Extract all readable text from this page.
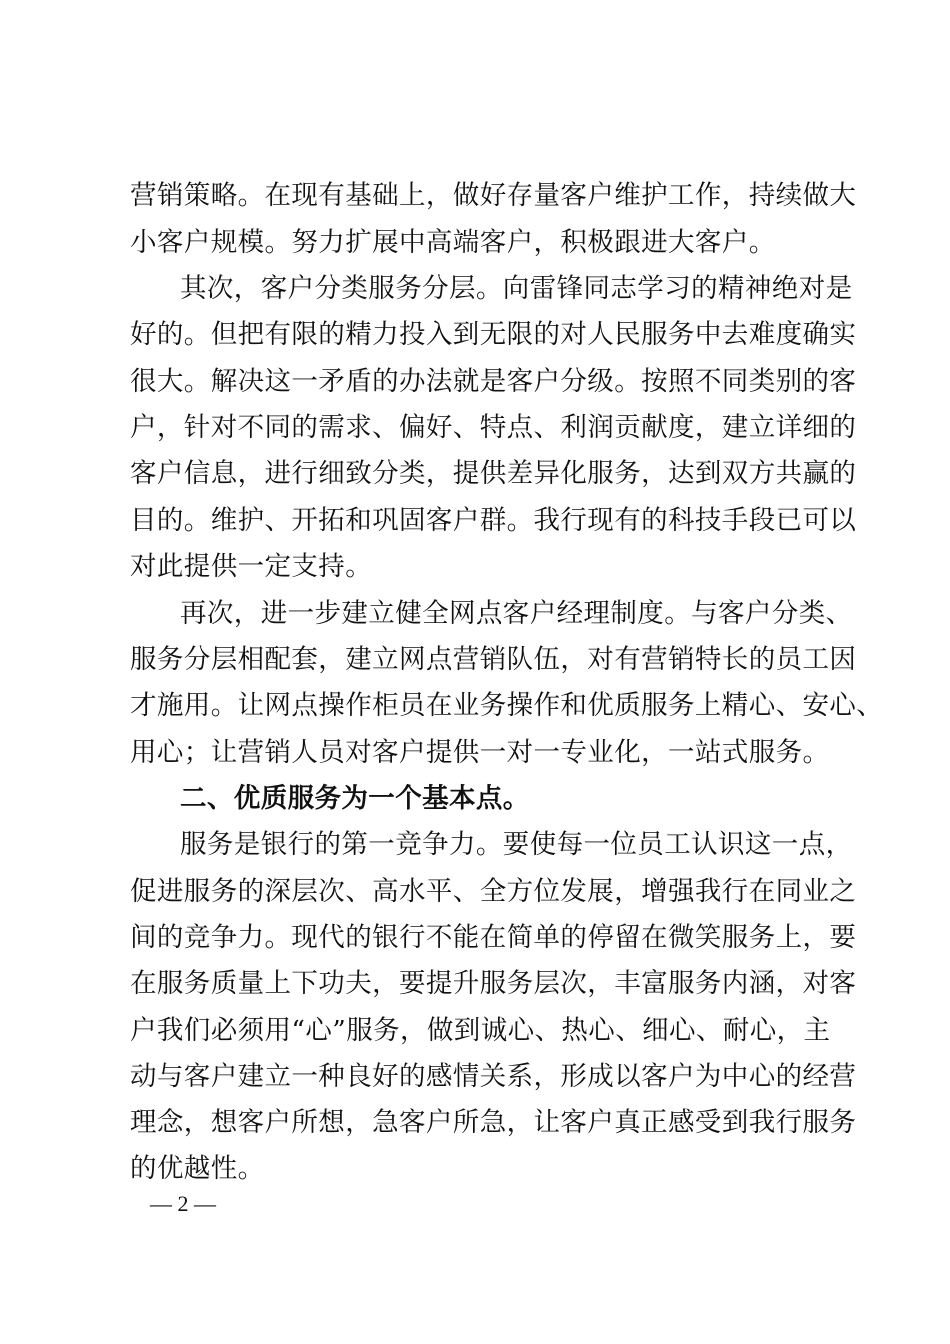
营销策略。在现有基础上，做好存量客户维护工作，持续做大
小客户规模。努力扩展中高端客户，积极跟进大客户。
其次，客户分类服务分层。向雷锋同志学习的精神绝对是
好的。但把有限的精力投入到无限的对人民服务中去难度确实
很大。解决这一矛盾的办法就是客户分级。按照不同类别的客
户，针对不同的需求、偏好、特点、利润贡献度，建立详细的
客户信息，进行细致分类，提供差异化服务，达到双方共赢的
目的。维护、开拓和巩固客户群。我行现有的科技手段已可以
对此提供一定支持。
再次，进一步建立健全网点客户经理制度。与客户分类、
服务分层相配套，建立网点营销队伍，对有营销特长的员工因
才施用。让网点操作柜员在业务操作和优质服务上精心、安心、
用心；让营销人员对客户提供一对一专业化，一站式服务。
二、优质服务为一个基本点。
服务是银行的第一竞争力。要使每一位员工认识这一点，
促进服务的深层次、高水平、全方位发展，增强我行在同业之
间的竞争力。现代的银行不能在简单的停留在微笑服务上，要
在服务质量上下功夫，要提升服务层次，丰富服务内涵，对客
户我们必须用“心”服务，做到诚心、热心、细心、耐心，主
动与客户建立一种良好的感情关系，形成以客户为中心的经营
理念，想客户所想，急客户所急，让客户真正感受到我行服务
的优越性。
— 2 —
